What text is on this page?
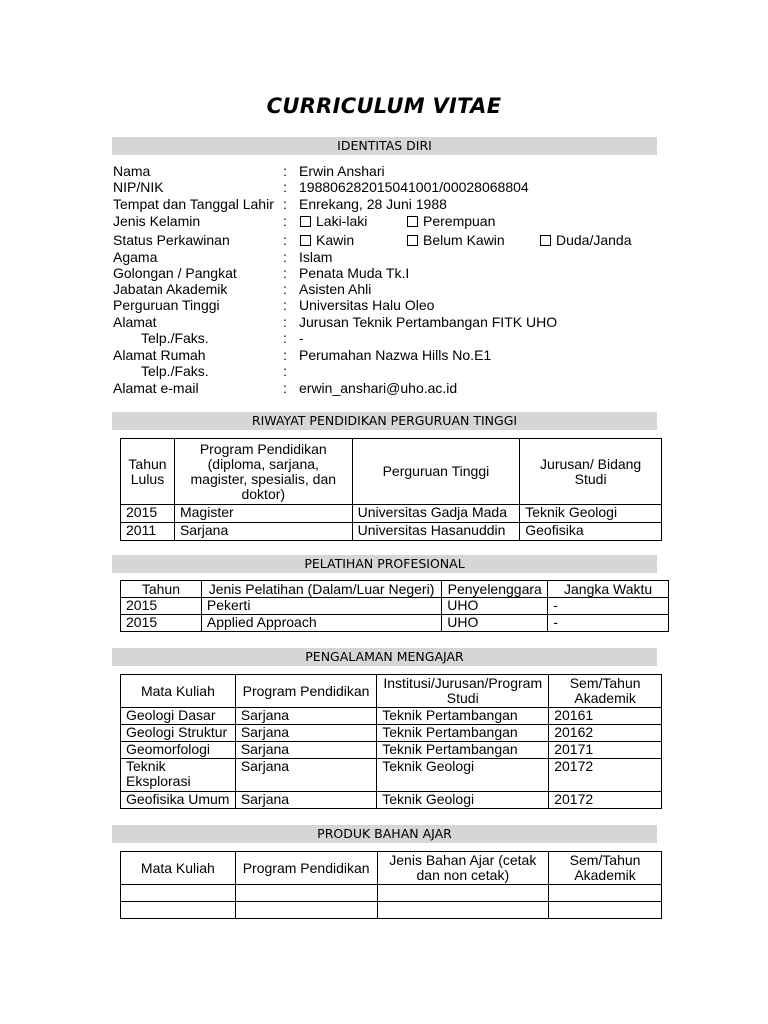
CURRICULUM VITAE
IDENTITAS DIRI
Nama	: Erwin Anshari
NIP/NIK	: 198806282015041001/00028068804
Tempat dan Tanggal Lahir : Enrekang, 28 Juni 1988
Jenis Kelamin	:	Laki-laki	Perempuan
Status Perkawinan	:	Kawin	Belum Kawin	Duda/Janda
Agama	: Islam
Golongan / Pangkat	: Penata Muda Tk.I
Jabatan Akademik	: Asisten Ahli
Perguruan Tinggi	: Universitas Halu Oleo
Alamat	: Jurusan Teknik Pertambangan FITK UHO
Telp./Faks.	: -
Alamat Rumah	: Perumahan Nazwa Hills No.E1
Telp./Faks.	:
Alamat e-mail	: erwin_anshari@uho.ac.id
RIWAYAT PENDIDIKAN PERGURUAN TINGGI
Tahun Lulus	Program Pendidikan (diploma, sarjana, magister, spesialis, dan doktor)	Perguruan Tinggi	Jurusan/ Bidang Studi
2015	Magister	Universitas Gadja Mada	Teknik Geologi
2011	Sarjana	Universitas Hasanuddin	Geofisika
PELATIHAN PROFESIONAL
Tahun	Jenis Pelatihan (Dalam/Luar Negeri)	Penyelenggara	Jangka Waktu
2015	Pekerti	UHO	-
2015	Applied Approach	UHO	-
PENGALAMAN MENGAJAR
Mata Kuliah	Program Pendidikan	Institusi/Jurusan/Program Studi	Sem/Tahun Akademik
Geologi Dasar	Sarjana	Teknik Pertambangan	20161
Geologi Struktur	Sarjana	Teknik Pertambangan	20162
Geomorfologi	Sarjana	Teknik Pertambangan	20171
Teknik Eksplorasi	Sarjana	Teknik Geologi	20172
Geofisika Umum	Sarjana	Teknik Geologi	20172
PRODUK BAHAN AJAR
Mata Kuliah	Program Pendidikan	Jenis Bahan Ajar (cetak dan non cetak)	Sem/Tahun Akademik
